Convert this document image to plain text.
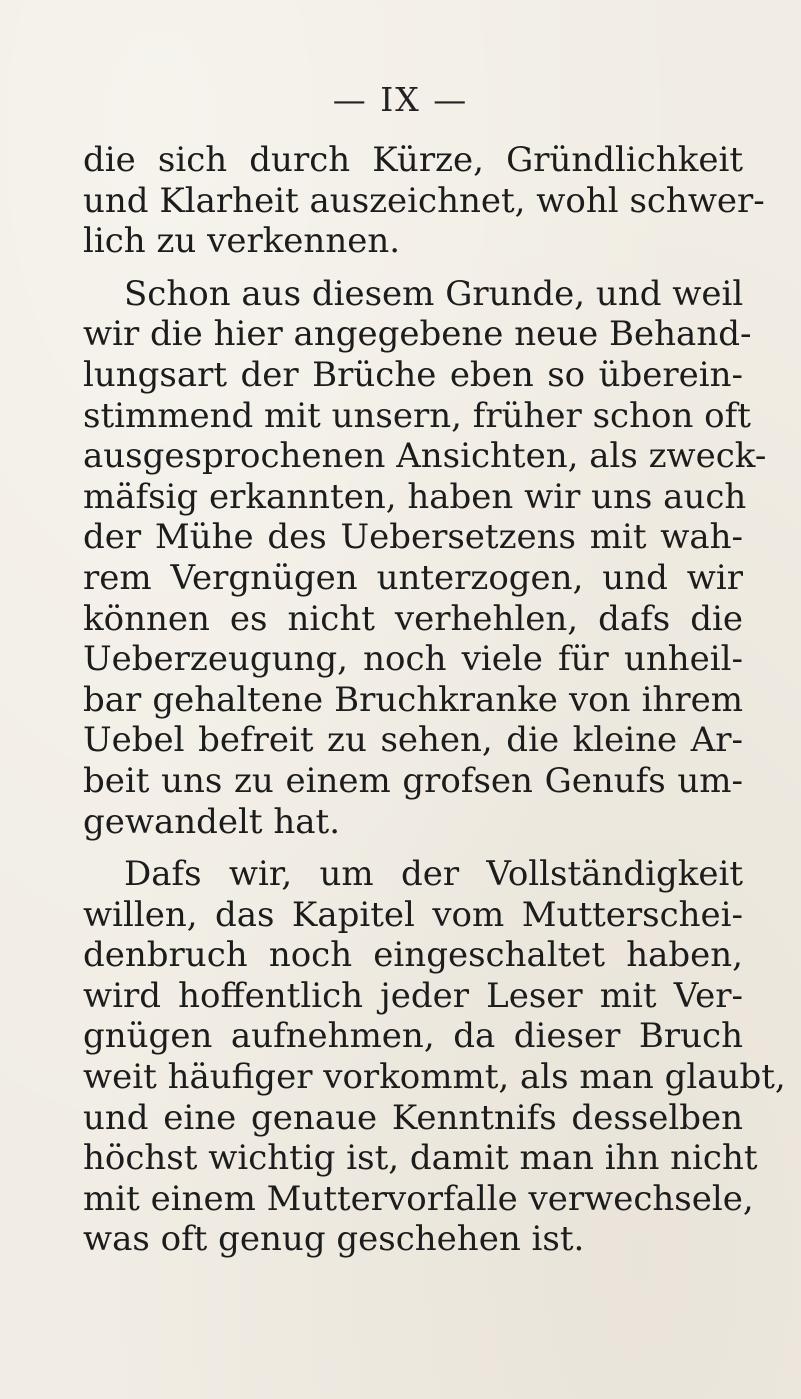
— IX —

die sich durch Kürze, Gründlichkeit
und Klarheit auszeichnet, wohl schwer-
lich zu verkennen.

Schon aus diesem Grunde, und weil
wir die hier angegebene neue Behand-
lungsart der Brüche eben so überein-
stimmend mit unsern, früher schon oft
ausgesprochenen Ansichten, als zweck-
mäfsig erkannten, haben wir uns auch
der Mühe des Uebersetzens mit wah-
rem Vergnügen unterzogen, und wir
können es nicht verhehlen, dafs die
Ueberzeugung, noch viele für unheil-
bar gehaltene Bruchkranke von ihrem
Uebel befreit zu sehen, die kleine Ar-
beit uns zu einem grofsen Genufs um-
gewandelt hat.

Dafs wir, um der Vollständigkeit
willen, das Kapitel vom Mutterschei-
denbruch noch eingeschaltet haben,
wird hoffentlich jeder Leser mit Ver-
gnügen aufnehmen, da dieser Bruch
weit häufiger vorkommt, als man glaubt,
und eine genaue Kenntnifs desselben
höchst wichtig ist, damit man ihn nicht
mit einem Muttervorfalle verwechsele,
was oft genug geschehen ist.
